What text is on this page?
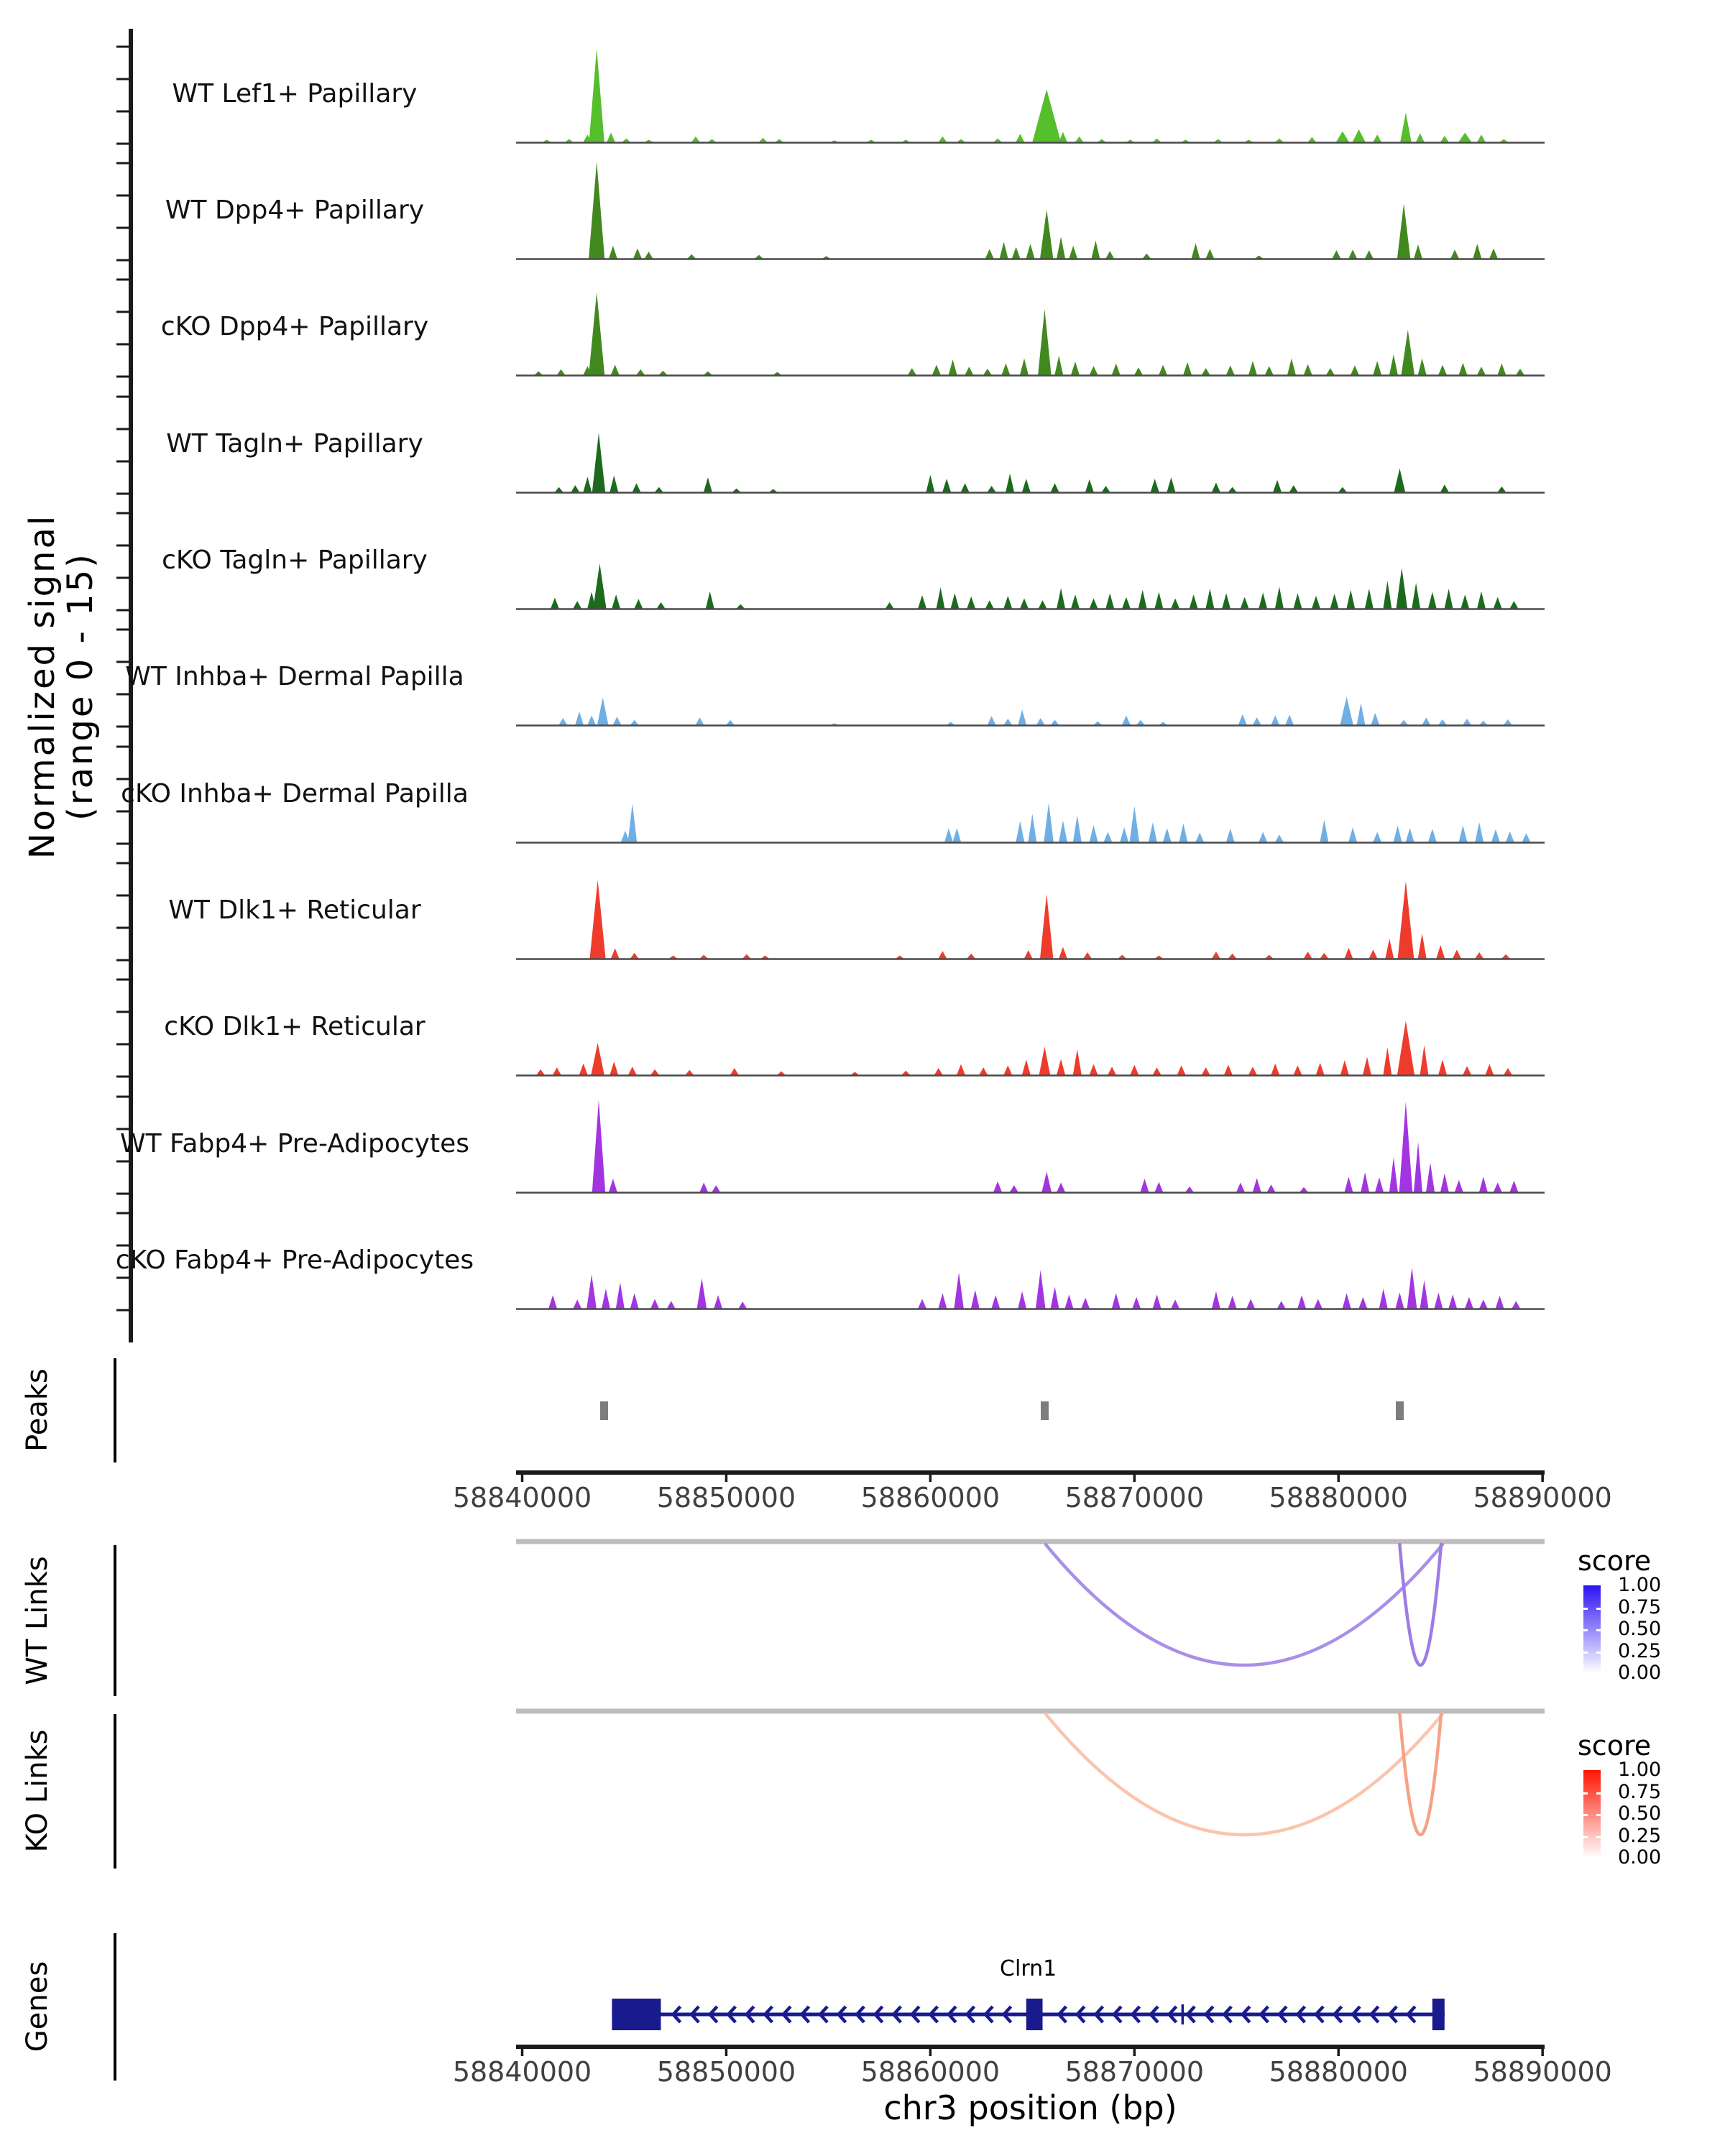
Normalized signal
(range 0 - 15)
WT Lef1+ Papillary
WT Dpp4+ Papillary
cKO Dpp4+ Papillary
WT Tagln+ Papillary
cKO Tagln+ Papillary
WT Inhba+ Dermal Papilla
cKO Inhba+ Dermal Papilla
WT Dlk1+ Reticular
cKO Dlk1+ Reticular
WT Fabp4+ Pre-Adipocytes
cKO Fabp4+ Pre-Adipocytes
Peaks
58840000 58850000 58860000 58870000 58880000 58890000
WT Links	score
1.00
0.75
0.50
0.25
0.00
KO Links	score
1.00
0.75
0.50
0.25
0.00
Genes	Clrn1
58840000 58850000 58860000 58870000 58880000 58890000
chr3 position (bp)
